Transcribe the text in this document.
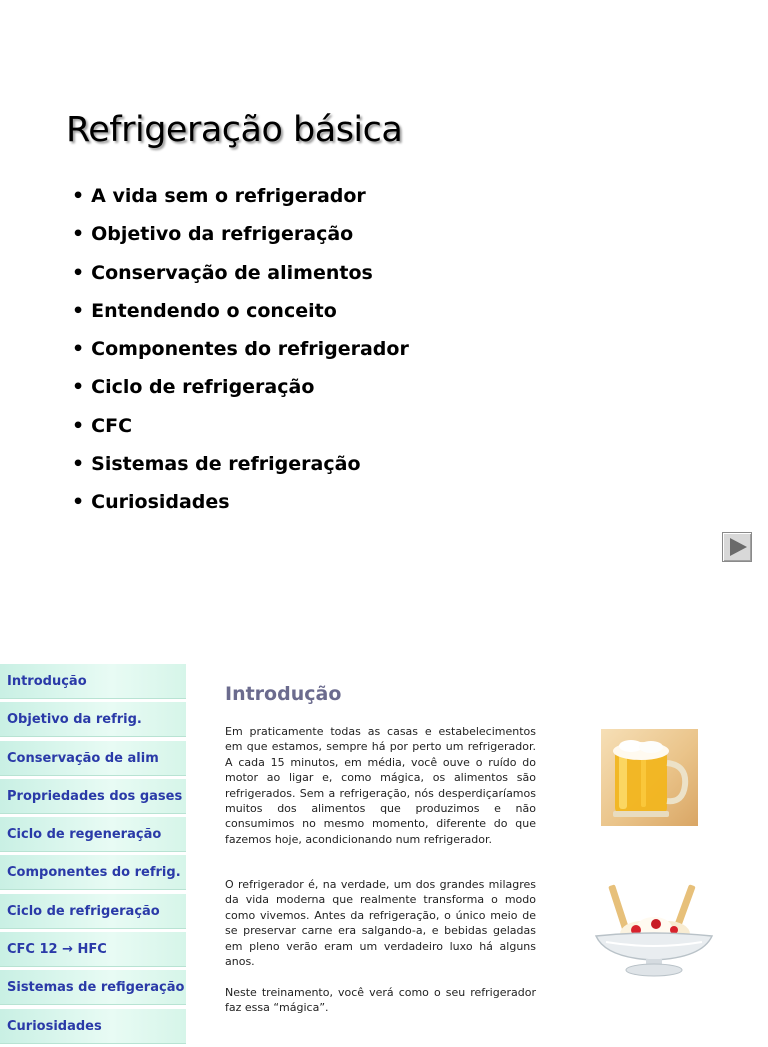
Refrigeração básica
• A vida sem o refrigerador
• Objetivo da refrigeração
• Conservação de alimentos
• Entendendo o conceito
• Componentes do refrigerador
• Ciclo de refrigeração
• CFC
• Sistemas de refrigeração
• Curiosidades
Introdução
Objetivo da refrig.
Conservação de alim
Propriedades dos gases
Ciclo de regeneração
Componentes do refrig.
Ciclo de refrigeração
CFC 12 → HFC
Sistemas de refigeração
Curiosidades
Introdução

Em praticamente todas as casas e estabelecimentos em que estamos, sempre há por perto um refrigerador. A cada 15 minutos, em média, você ouve o ruído do motor ao ligar e, como mágica, os alimentos são refrigerados. Sem a refrigeração, nós desperdiçaríamos muitos dos alimentos que produzimos e não consumimos no mesmo momento, diferente do que fazemos hoje, acondicionando num refrigerador.

O refrigerador é, na verdade, um dos grandes milagres da vida moderna que realmente transforma o modo como vivemos. Antes da refrigeração, o único meio de se preservar carne era salgando-a, e bebidas geladas em pleno verão eram um verdadeiro luxo há alguns anos.

Neste treinamento, você verá como o seu refrigerador faz essa “mágica”.
